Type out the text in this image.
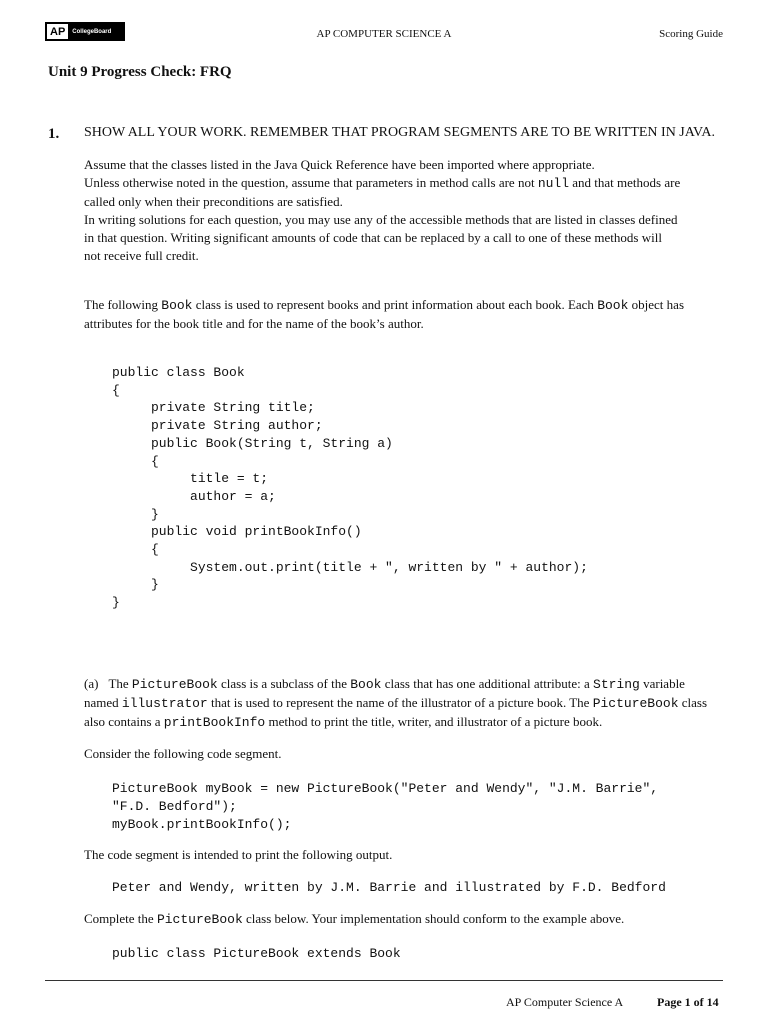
AP	CollegeBoard	AP COMPUTER SCIENCE A	Scoring Guide
Unit 9 Progress Check: FRQ
1. SHOW ALL YOUR WORK. REMEMBER THAT PROGRAM SEGMENTS ARE TO BE WRITTEN IN JAVA.
Assume that the classes listed in the Java Quick Reference have been imported where appropriate.
Unless otherwise noted in the question, assume that parameters in method calls are not null and that methods are
called only when their preconditions are satisfied.
In writing solutions for each question, you may use any of the accessible methods that are listed in classes defined
in that question. Writing significant amounts of code that can be replaced by a call to one of these methods will
not receive full credit.
The following Book class is used to represent books and print information about each book. Each Book object has
attributes for the book title and for the name of the book’s author.
public class Book
{
private String title;
private String author;
public Book(String t, String a)
{
title = t;
author = a;
}
public void printBookInfo()
{
System.out.print(title + ", written by " + author);
}
}
(a) The PictureBook class is a subclass of the Book class that has one additional attribute: a String variable
named illustrator that is used to represent the name of the illustrator of a picture book. The PictureBook class
also contains a printBookInfo method to print the title, writer, and illustrator of a picture book.
Consider the following code segment.
PictureBook myBook = new PictureBook("Peter and Wendy", "J.M. Barrie",
"F.D. Bedford");
myBook.printBookInfo();
The code segment is intended to print the following output.
Peter and Wendy, written by J.M. Barrie and illustrated by F.D. Bedford
Complete the PictureBook class below. Your implementation should conform to the example above.
public class PictureBook extends Book
AP Computer Science A	Page 1 of 14
